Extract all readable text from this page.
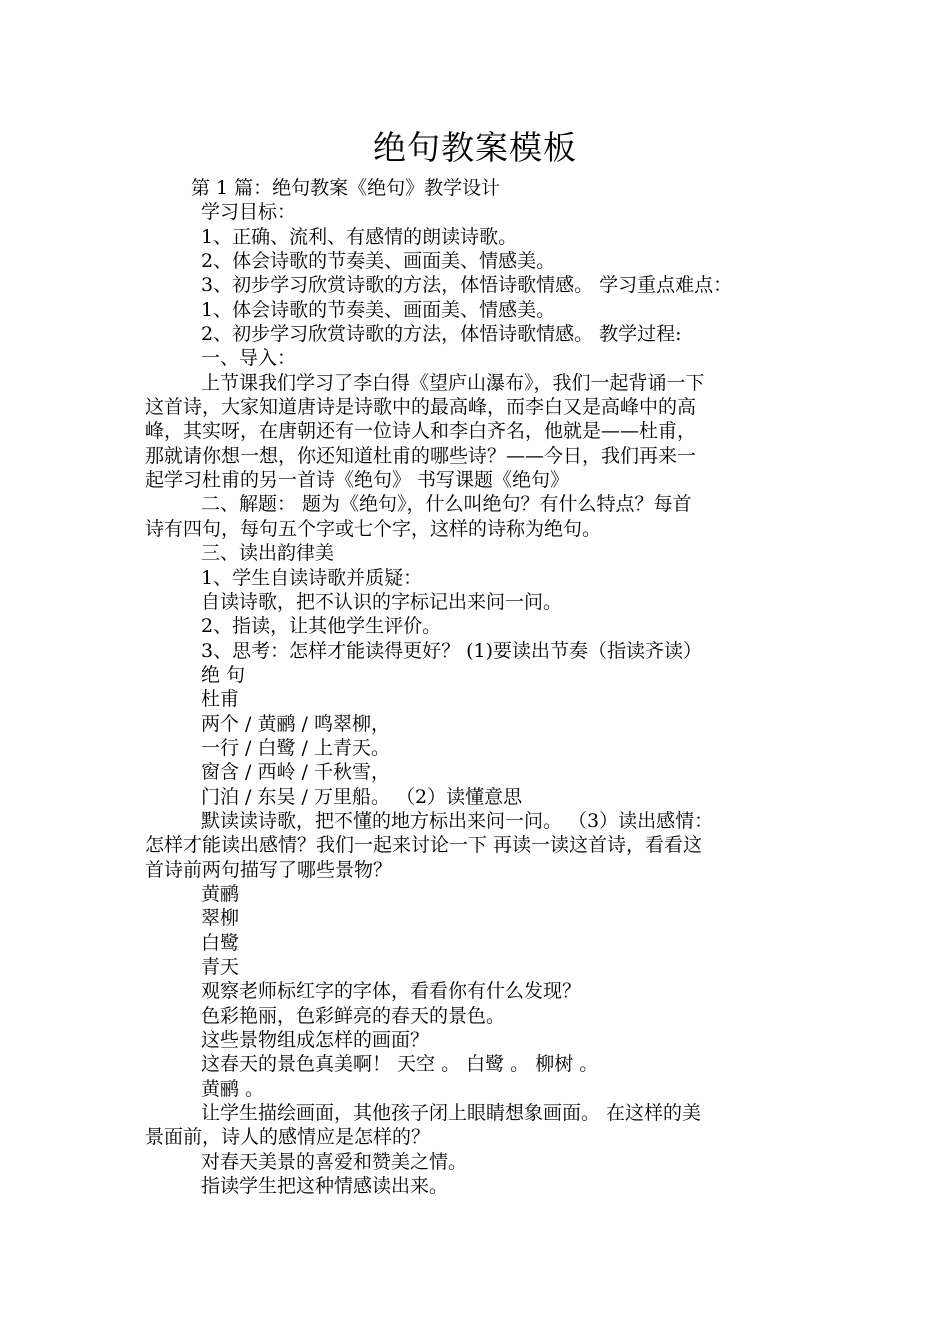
绝句教案模板

第 1 篇：绝句教案《绝句》教学设计

学习目标：

1、正确、流利、有感情的朗读诗歌。

2、体会诗歌的节奏美、画面美、情感美。

3、初步学习欣赏诗歌的方法，体悟诗歌情感。 学习重点难点：

1、体会诗歌的节奏美、画面美、情感美。

2、初步学习欣赏诗歌的方法，体悟诗歌情感。 教学过程:

一、导入：

上节课我们学习了李白得《望庐山瀑布》，我们一起背诵一下

这首诗，大家知道唐诗是诗歌中的最高峰，而李白又是高峰中的高

峰，其实呀，在唐朝还有一位诗人和李白齐名，他就是——杜甫，

那就请你想一想，你还知道杜甫的哪些诗？——今日，我们再来一

起学习杜甫的另一首诗《绝句》 书写课题《绝句》

二、解题： 题为《绝句》，什么叫绝句？有什么特点？每首

诗有四句，每句五个字或七个字，这样的诗称为绝句。

三、读出韵律美

1、学生自读诗歌并质疑：

自读诗歌，把不认识的字标记出来问一问。

2、指读，让其他学生评价。

3、思考：怎样才能读得更好？ (1)要读出节奏（指读齐读）

绝 句

杜甫

两个 / 黄鹂 / 鸣翠柳，

一行 / 白鹭 / 上青天。

窗含 / 西岭 / 千秋雪，

门泊 / 东吴 / 万里船。 （2）读懂意思

默读读诗歌，把不懂的地方标出来问一问。 （3）读出感情：

怎样才能读出感情？我们一起来讨论一下 再读一读这首诗，看看这

首诗前两句描写了哪些景物？

黄鹂

翠柳

白鹭

青天

观察老师标红字的字体，看看你有什么发现？

色彩艳丽，色彩鲜亮的春天的景色。

这些景物组成怎样的画面？

这春天的景色真美啊！ 天空 。 白鹭 。 柳树 。

黄鹂 。

让学生描绘画面，其他孩子闭上眼睛想象画面。 在这样的美

景面前，诗人的感情应是怎样的？

对春天美景的喜爱和赞美之情。

指读学生把这种情感读出来。
